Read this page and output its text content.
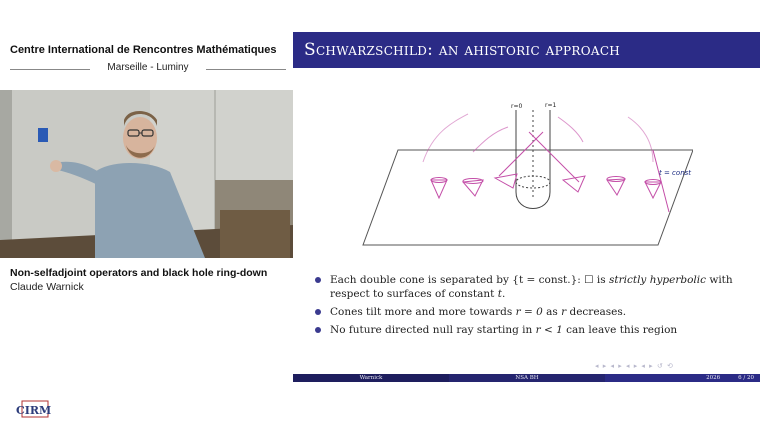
Centre International de Rencontres Mathématiques
Marseille - Luminy
Non-selfadjoint operators and black hole ring-down
Claude Warnick
CIRM
Schwarzschild: an ahistoric approach
r=0	r=1
t = const
Each double cone is separated by {t = const.}: ☐ is strictly hyperbolic with respect to surfaces of constant t.
Cones tilt more and more towards r = 0 as r decreases.
No future directed null ray starting in r < 1 can leave this region
◂ ▸ ◂ ▸ ◂ ▸ ◂ ▸ ↺ ⟲
Warnick	NSA BH	2026	6 / 20
